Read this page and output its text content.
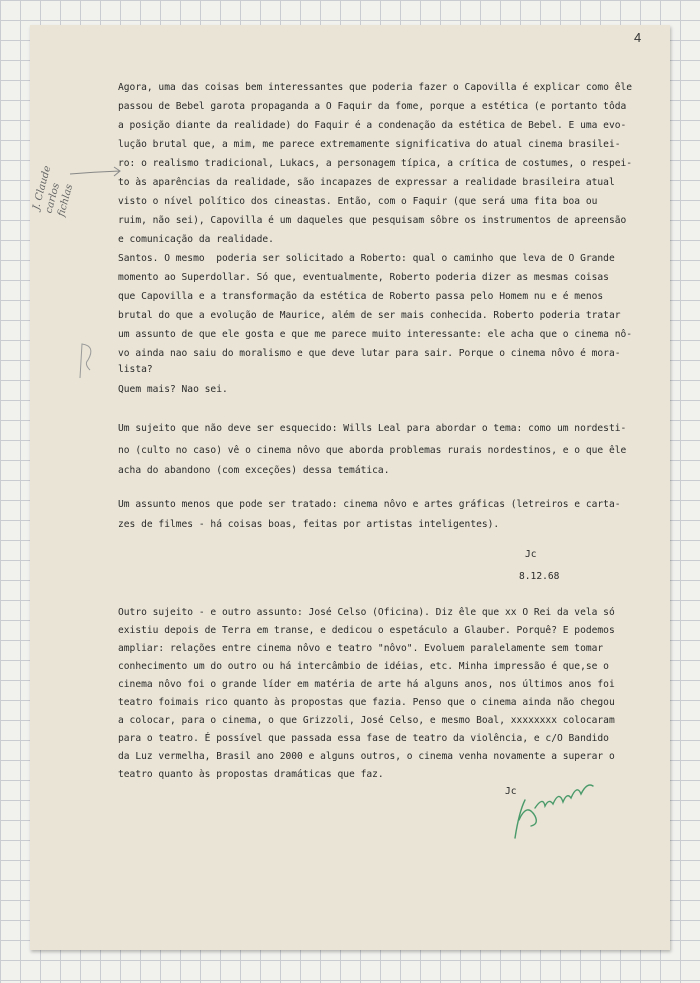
4

J. Claude
carlos
fichlas

Agora, uma das coisas bem interessantes que poderia fazer o Capovilla é explicar como êle

passou de Bebel garota propaganda a O Faquir da fome, porque a estética (e portanto tôda

a posição diante da realidade) do Faquir é a condenação da estética de Bebel. E uma evo-

lução brutal que, a mim, me parece extremamente significativa do atual cinema brasilei-

ro: o realismo tradicional, Lukacs, a personagem típica, a crítica de costumes, o respei-

to às aparências da realidade, são incapazes de expressar a realidade brasileira atual

visto o nível político dos cineastas. Então, com o Faquir (que será uma fita boa ou

ruim, não sei), Capovilla é um daqueles que pesquisam sôbre os instrumentos de apreensão

e comunicação da realidade.

Santos. O mesmo  poderia ser solicitado a Roberto: qual o caminho que leva de O Grande

momento ao Superdollar. Só que, eventualmente, Roberto poderia dizer as mesmas coisas

que Capovilla e a transformação da estética de Roberto passa pelo Homem nu e é menos

brutal do que a evolução de Maurice, além de ser mais conhecida. Roberto poderia tratar

um assunto de que ele gosta e que me parece muito interessante: ele acha que o cinema nô-

vo ainda nao saiu do moralismo e que deve lutar para sair. Porque o cinema nôvo é mora-

lista?

Quem mais? Nao sei.

Um sujeito que não deve ser esquecido: Wills Leal para abordar o tema: como um nordesti-

no (culto no caso) vê o cinema nôvo que aborda problemas rurais nordestinos, e o que êle

acha do abandono (com exceções) dessa temática.

Um assunto menos que pode ser tratado: cinema nôvo e artes gráficas (letreiros e carta-

zes de filmes - há coisas boas, feitas por artistas inteligentes).

Jc
8.12.68

Outro sujeito - e outro assunto: José Celso (Oficina). Diz êle que xx O Rei da vela só

existiu depois de Terra em transe, e dedicou o espetáculo a Glauber. Porquê? E podemos

ampliar: relações entre cinema nôvo e teatro "nôvo". Evoluem paralelamente sem tomar

conhecimento um do outro ou há intercâmbio de idéias, etc. Minha impressão é que,se o

cinema nôvo foi o grande líder em matéria de arte há alguns anos, nos últimos anos foi

teatro foimais rico quanto às propostas que fazia. Penso que o cinema ainda não chegou

a colocar, para o cinema, o que Grizzoli, José Celso, e mesmo Boal, xxxxxxxx colocaram

para o teatro. É possível que passada essa fase de teatro da violência, e c/O Bandido

da Luz vermelha, Brasil ano 2000 e alguns outros, o cinema venha novamente a superar o

teatro quanto às propostas dramáticas que faz.

Jc
